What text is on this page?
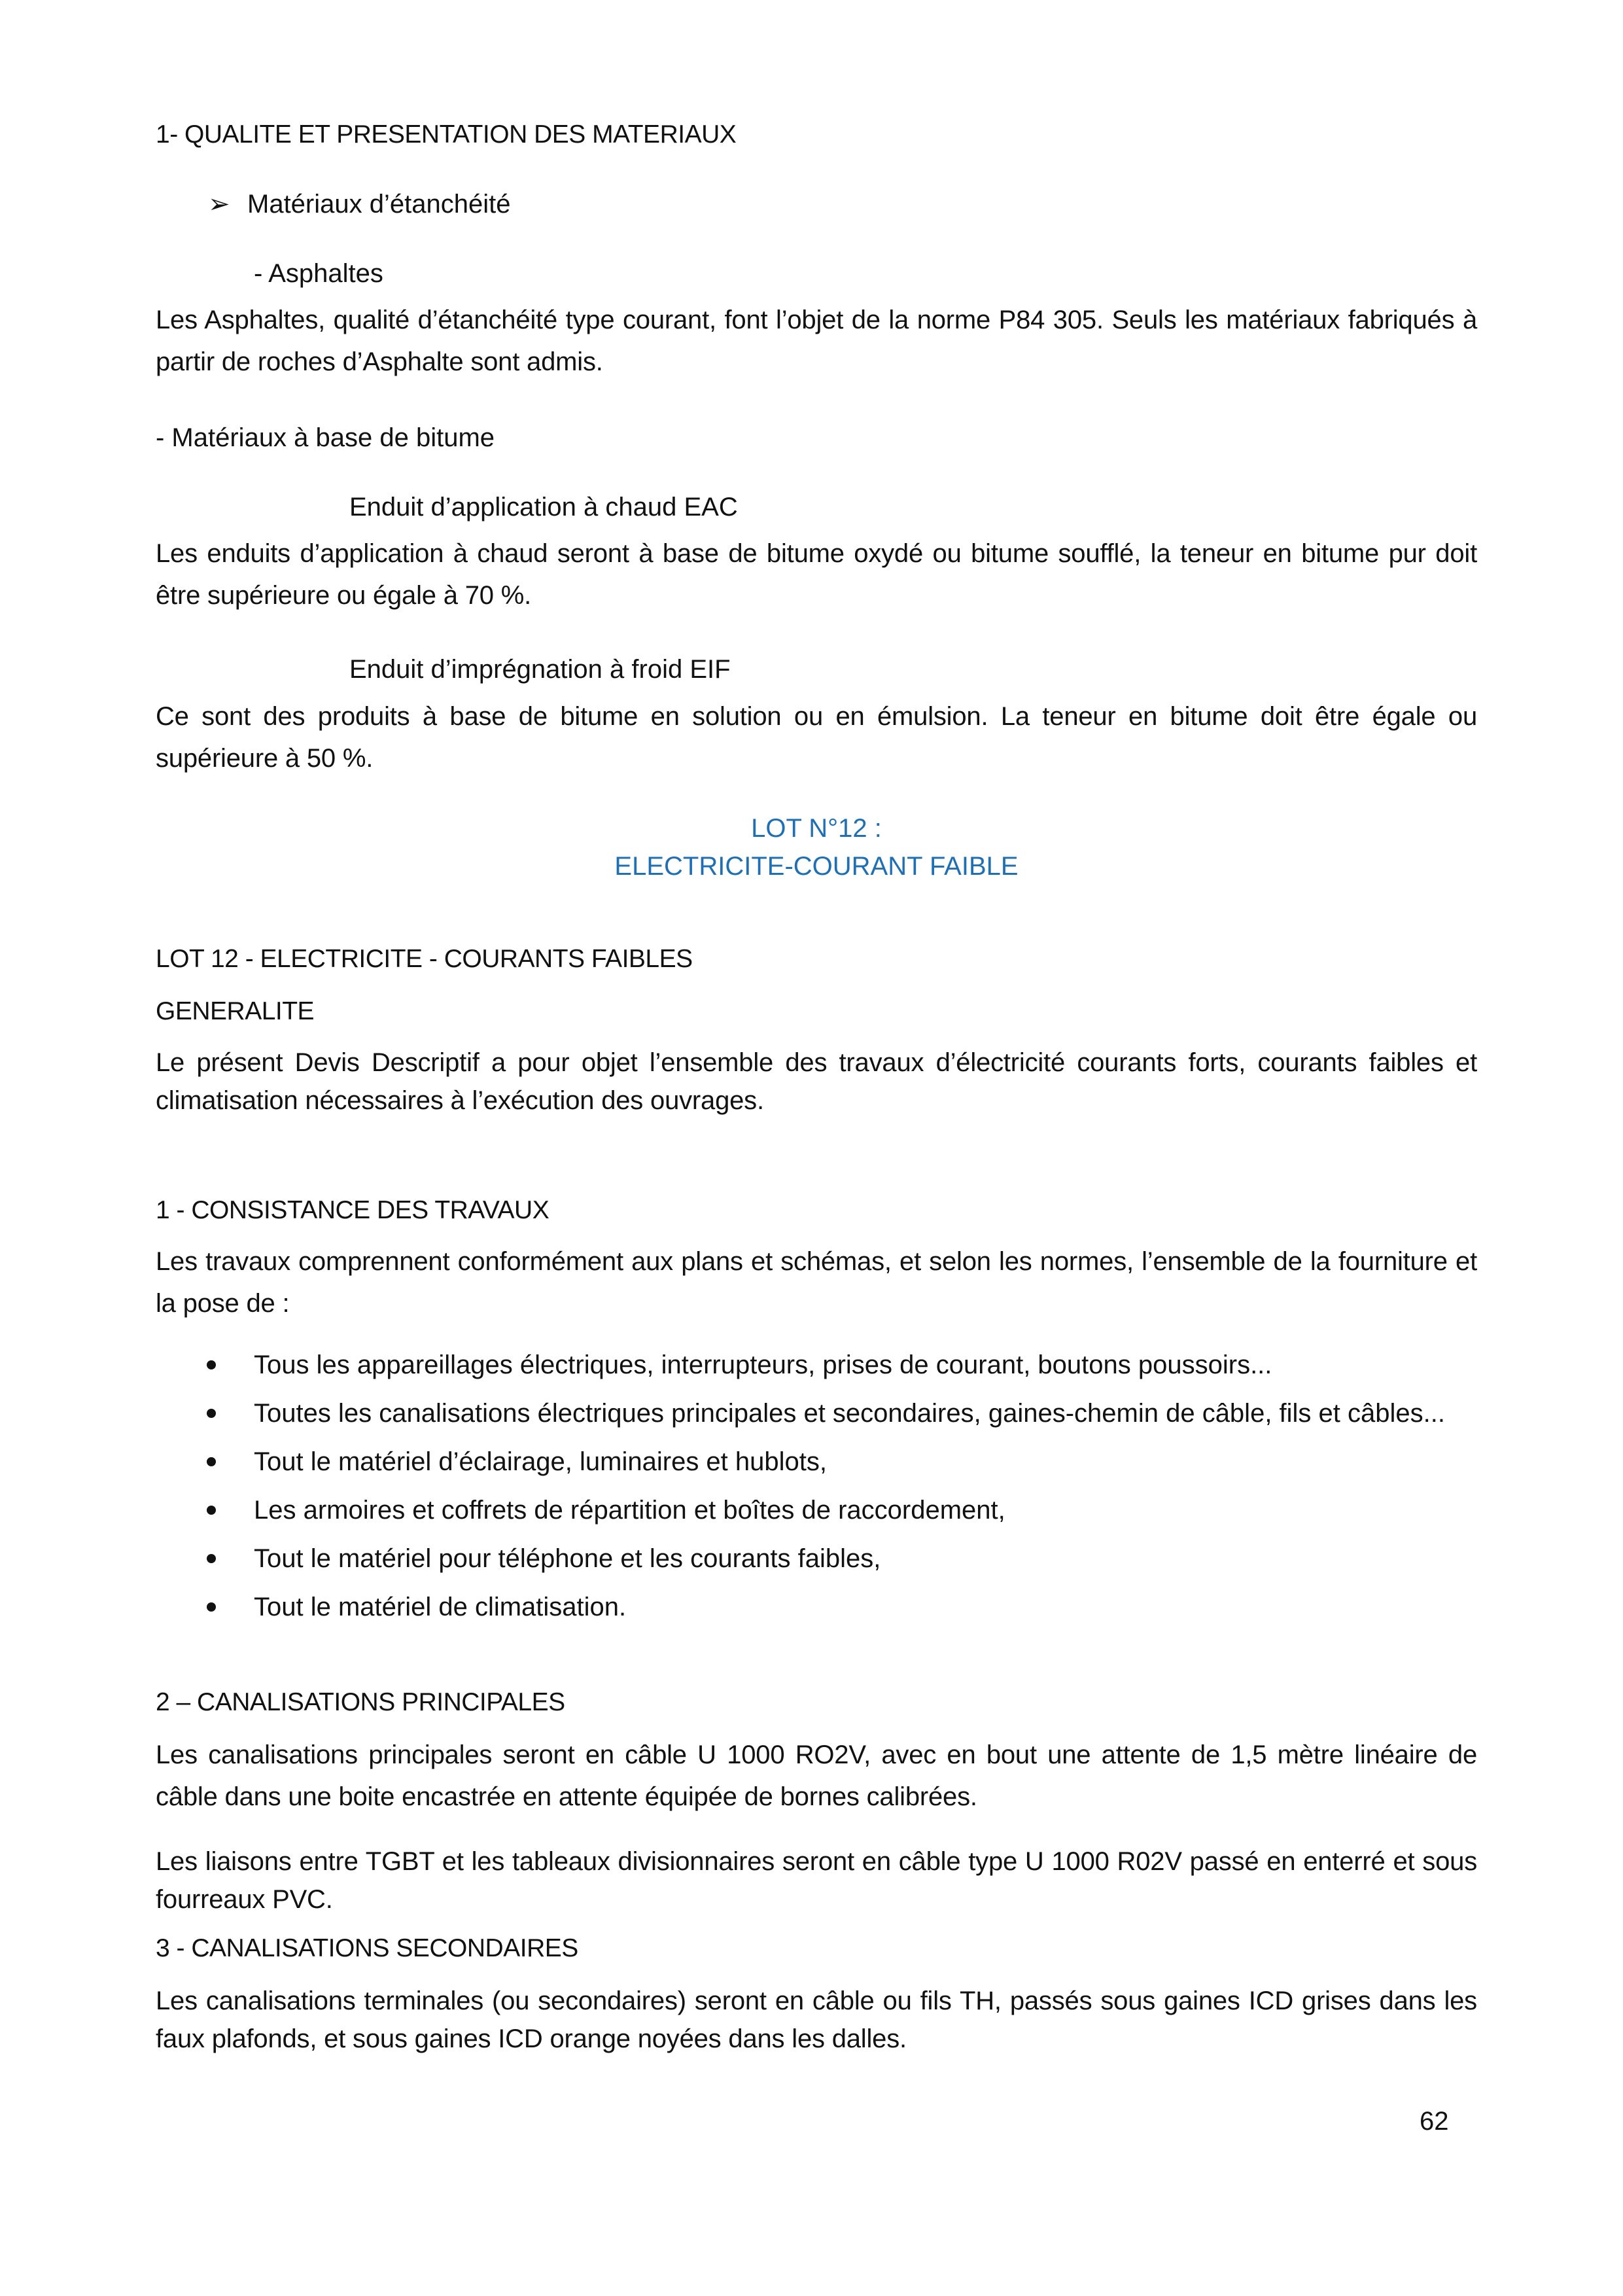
1- QUALITE ET PRESENTATION DES MATERIAUX
➢ Matériaux d’étanchéité
- Asphaltes

Les Asphaltes, qualité d’étanchéité type courant, font l’objet de la norme P84 305. Seuls les matériaux fabriqués à partir de roches d’Asphalte sont admis.

- Matériaux à base de bitume
Enduit d’application à chaud EAC

Les enduits d’application à chaud seront à base de bitume oxydé ou bitume soufflé, la teneur en bitume pur doit être supérieure ou égale à 70 %.

Enduit d’imprégnation à froid EIF

Ce sont des produits à base de bitume en solution ou en émulsion. La teneur en bitume doit être égale ou supérieure à 50 %.

LOT N°12 :
ELECTRICITE-COURANT FAIBLE
LOT 12 - ELECTRICITE - COURANTS FAIBLES
GENERALITE

Le présent Devis Descriptif a pour objet l’ensemble des travaux d’électricité courants forts, courants faibles et climatisation nécessaires à l’exécution des ouvrages.

1 - CONSISTANCE DES TRAVAUX

Les travaux comprennent conformément aux plans et schémas, et selon les normes, l’ensemble de la fourniture et la pose de :

Tous les appareillages électriques, interrupteurs, prises de courant, boutons poussoirs...
Toutes les canalisations électriques principales et secondaires, gaines-chemin de câble, fils et câbles...
Tout le matériel d’éclairage, luminaires et hublots,
Les armoires et coffrets de répartition et boîtes de raccordement,
Tout le matériel pour téléphone et les courants faibles,
Tout le matériel de climatisation.
2 – CANALISATIONS PRINCIPALES

Les canalisations principales seront en câble U 1000 RO2V, avec en bout une attente de 1,5 mètre linéaire de câble dans une boite encastrée en attente équipée de bornes calibrées.

Les liaisons entre TGBT et les tableaux divisionnaires seront en câble type U 1000 R02V passé en enterré et sous fourreaux PVC.

3 - CANALISATIONS SECONDAIRES

Les canalisations terminales (ou secondaires) seront en câble ou fils TH, passés sous gaines ICD grises dans les faux plafonds, et sous gaines ICD orange noyées dans les dalles.

62
